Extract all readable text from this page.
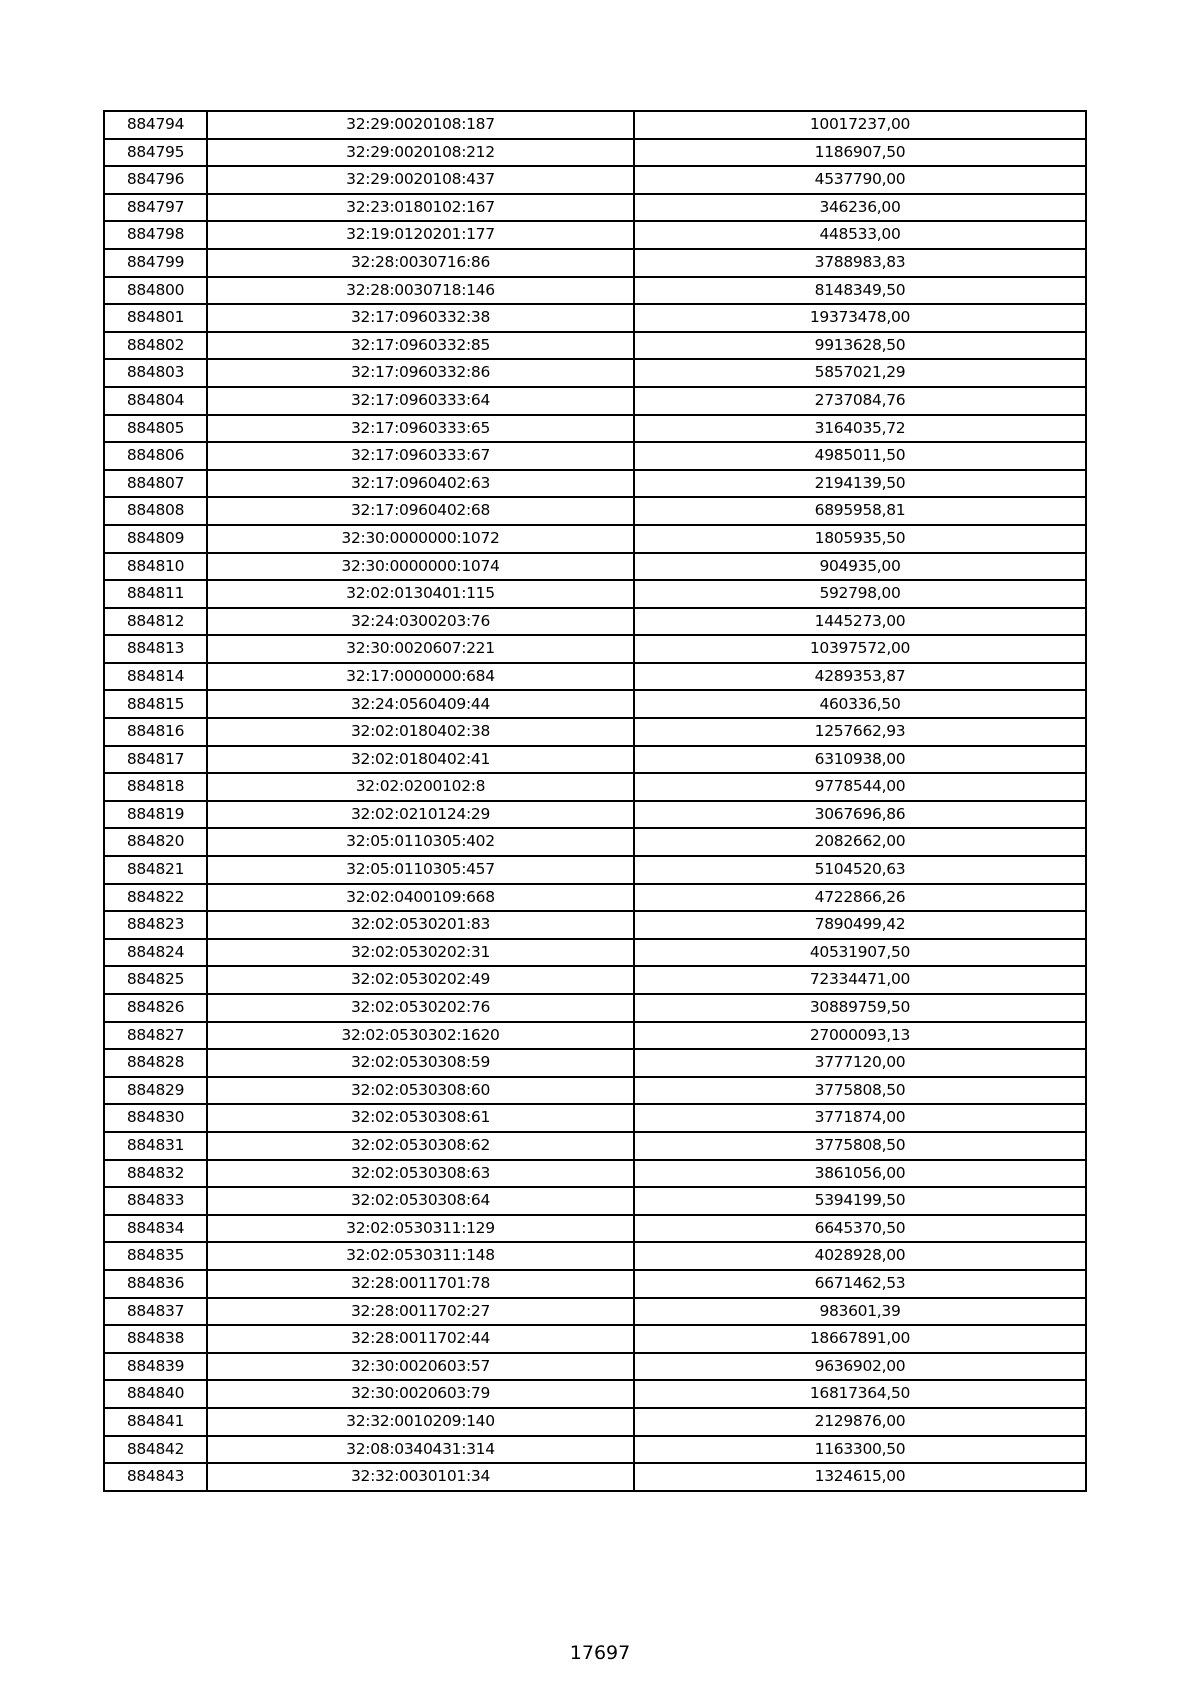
884794	32:29:0020108:187	10017237,00
884795	32:29:0020108:212	1186907,50
884796	32:29:0020108:437	4537790,00
884797	32:23:0180102:167	346236,00
884798	32:19:0120201:177	448533,00
884799	32:28:0030716:86	3788983,83
884800	32:28:0030718:146	8148349,50
884801	32:17:0960332:38	19373478,00
884802	32:17:0960332:85	9913628,50
884803	32:17:0960332:86	5857021,29
884804	32:17:0960333:64	2737084,76
884805	32:17:0960333:65	3164035,72
884806	32:17:0960333:67	4985011,50
884807	32:17:0960402:63	2194139,50
884808	32:17:0960402:68	6895958,81
884809	32:30:0000000:1072	1805935,50
884810	32:30:0000000:1074	904935,00
884811	32:02:0130401:115	592798,00
884812	32:24:0300203:76	1445273,00
884813	32:30:0020607:221	10397572,00
884814	32:17:0000000:684	4289353,87
884815	32:24:0560409:44	460336,50
884816	32:02:0180402:38	1257662,93
884817	32:02:0180402:41	6310938,00
884818	32:02:0200102:8	9778544,00
884819	32:02:0210124:29	3067696,86
884820	32:05:0110305:402	2082662,00
884821	32:05:0110305:457	5104520,63
884822	32:02:0400109:668	4722866,26
884823	32:02:0530201:83	7890499,42
884824	32:02:0530202:31	40531907,50
884825	32:02:0530202:49	72334471,00
884826	32:02:0530202:76	30889759,50
884827	32:02:0530302:1620	27000093,13
884828	32:02:0530308:59	3777120,00
884829	32:02:0530308:60	3775808,50
884830	32:02:0530308:61	3771874,00
884831	32:02:0530308:62	3775808,50
884832	32:02:0530308:63	3861056,00
884833	32:02:0530308:64	5394199,50
884834	32:02:0530311:129	6645370,50
884835	32:02:0530311:148	4028928,00
884836	32:28:0011701:78	6671462,53
884837	32:28:0011702:27	983601,39
884838	32:28:0011702:44	18667891,00
884839	32:30:0020603:57	9636902,00
884840	32:30:0020603:79	16817364,50
884841	32:32:0010209:140	2129876,00
884842	32:08:0340431:314	1163300,50
884843	32:32:0030101:34	1324615,00
17697
